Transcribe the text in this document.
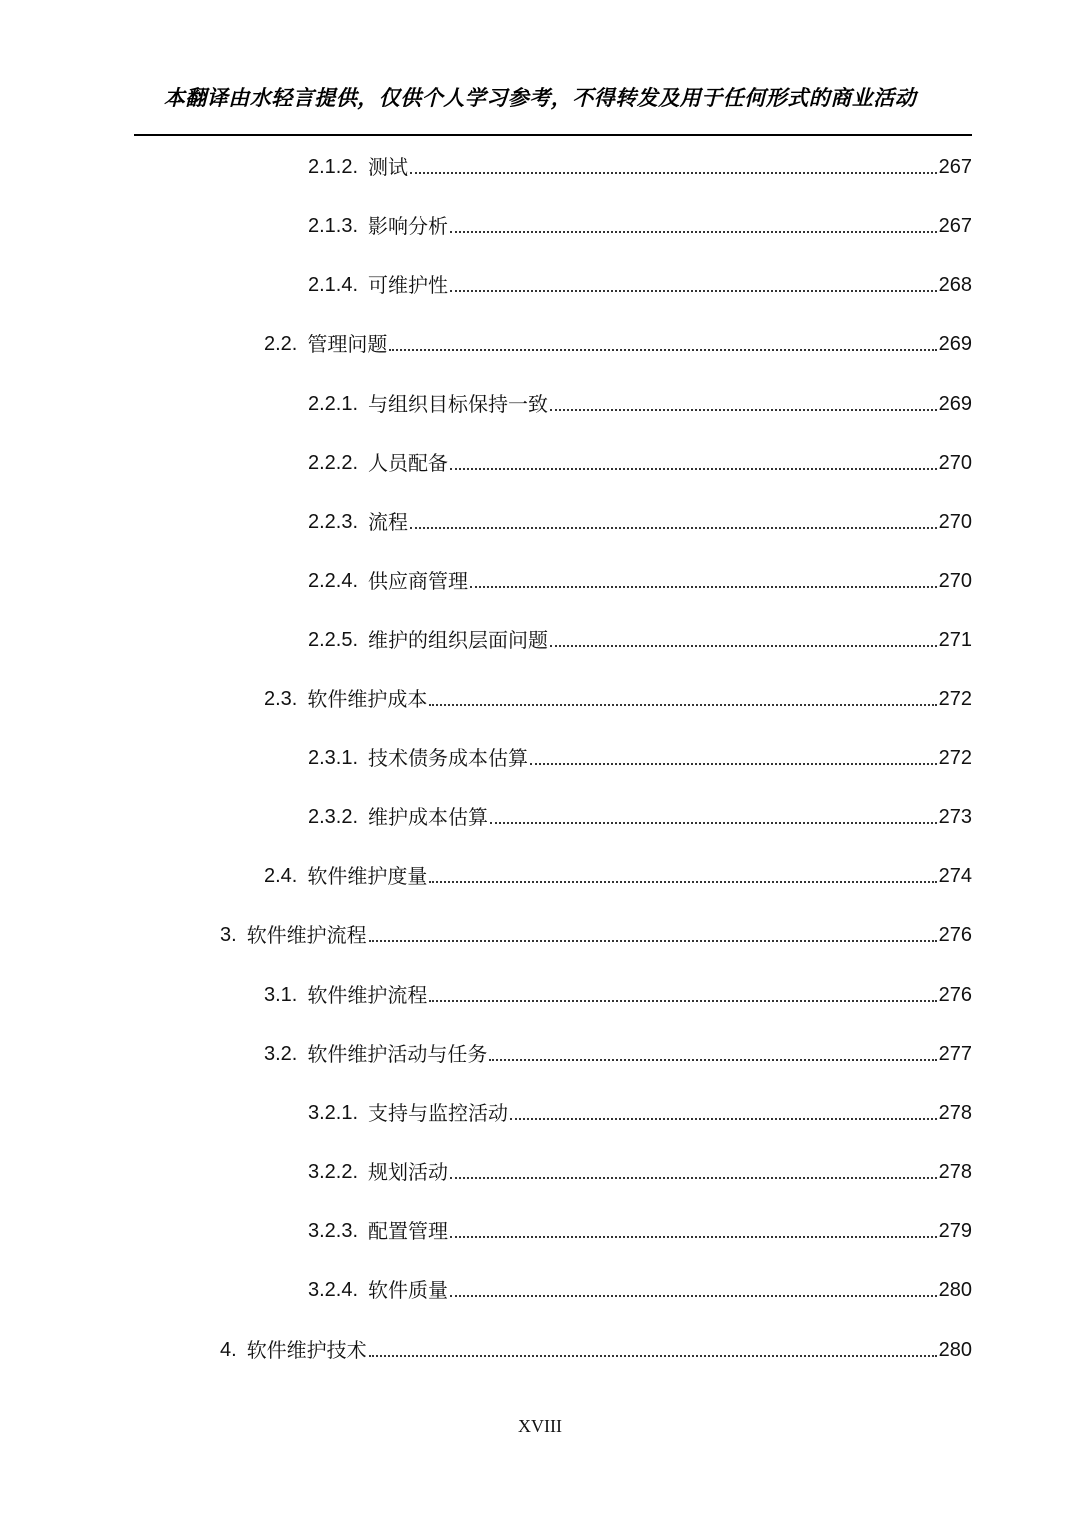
本翻译由水轻言提供，仅供个人学习参考，不得转发及用于任何形式的商业活动
2.1.2. 测试	267
2.1.3. 影响分析	267
2.1.4. 可维护性	268
2.2. 管理问题	269
2.2.1. 与组织目标保持一致	269
2.2.2. 人员配备	270
2.2.3. 流程	270
2.2.4. 供应商管理	270
2.2.5. 维护的组织层面问题	271
2.3. 软件维护成本	272
2.3.1. 技术债务成本估算	272
2.3.2. 维护成本估算	273
2.4. 软件维护度量	274
3. 软件维护流程	276
3.1. 软件维护流程	276
3.2. 软件维护活动与任务	277
3.2.1. 支持与监控活动	278
3.2.2. 规划活动	278
3.2.3. 配置管理	279
3.2.4. 软件质量	280
4. 软件维护技术	280
XVIII
